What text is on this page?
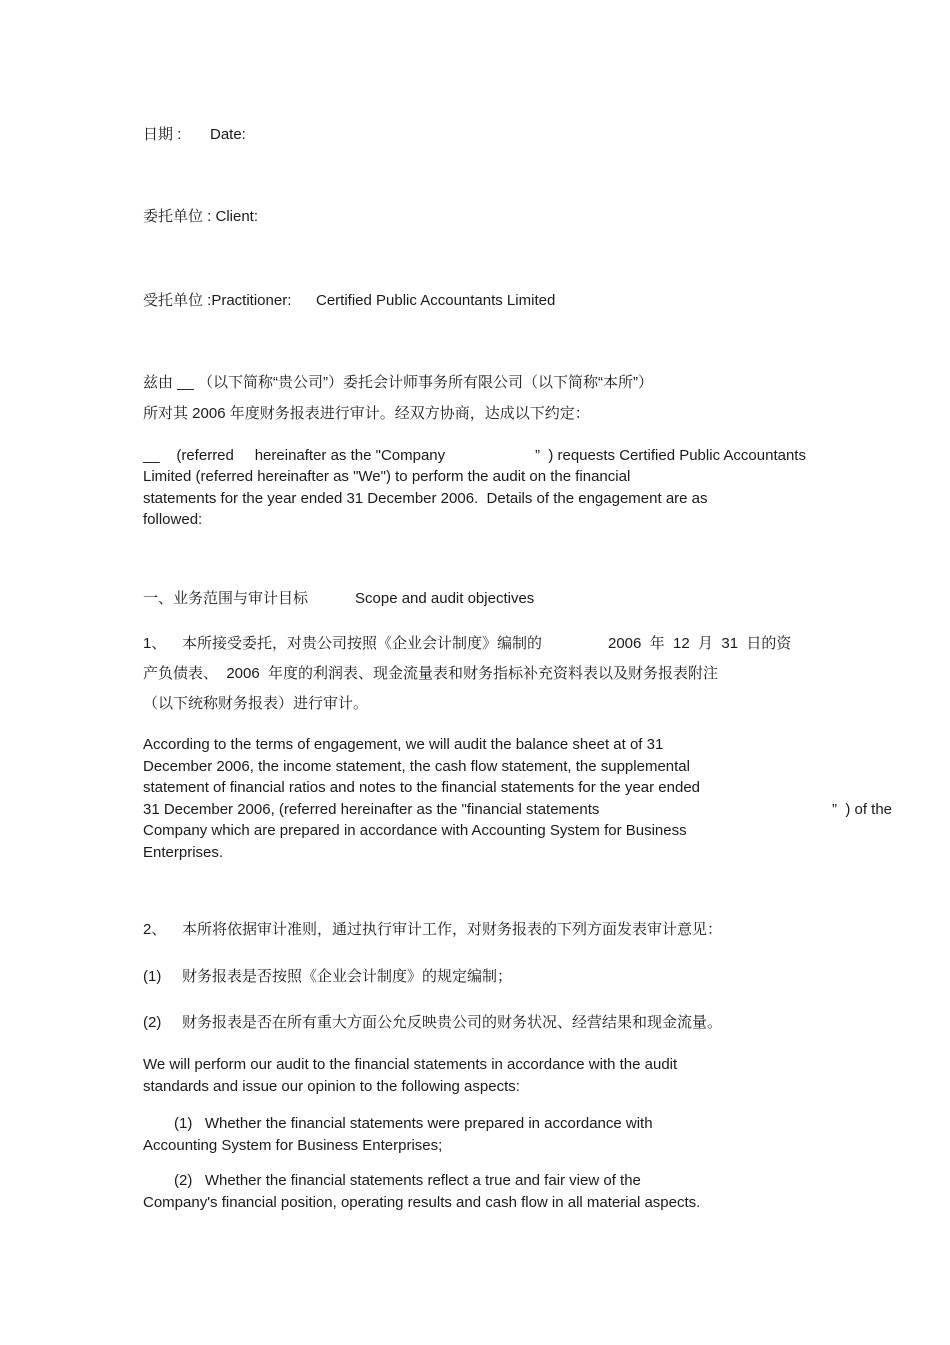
日期 : Date:
委托单位 : Client:
受托单位 :Practitioner: Certified Public Accountants Limited
兹由 __ （以下简称“贵公司”）委托会计师事务所有限公司（以下简称“本所”）
所对其 2006 年度财务报表进行审计。经双方协商，达成以下约定：
__    (referred     hereinafter as the "Company	”  ) requests Certified Public Accountants
Limited (referred hereinafter as "We") to perform the audit on the financial
statements for the year ended 31 December 2006.  Details of the engagement are as
followed:
一、业务范围与审计目标	Scope and audit objectives
1、 本所接受委托，对贵公司按照《企业会计制度》编制的	2006  年  12  月  31  日的资
产负债表、  2006  年度的利润表、现金流量表和财务指标补充资料表以及财务报表附注
（以下统称财务报表）进行审计。
According to the terms of engagement, we will audit the balance sheet at of 31
December 2006, the income statement, the cash flow statement, the supplemental
statement of financial ratios and notes to the financial statements for the year ended
31 December 2006, (referred hereinafter as the "financial statements	”  ) of the
Company which are prepared in accordance with Accounting System for Business
Enterprises.
2、 本所将依据审计准则，通过执行审计工作，对财务报表的下列方面发表审计意见：
(1) 财务报表是否按照《企业会计制度》的规定编制；
(2) 财务报表是否在所有重大方面公允反映贵公司的财务状况、经营结果和现金流量。
We will perform our audit to the financial statements in accordance with the audit
standards and issue our opinion to the following aspects:
(1)   Whether the financial statements were prepared in accordance with
Accounting System for Business Enterprises;
(2)   Whether the financial statements reflect a true and fair view of the
Company's financial position, operating results and cash flow in all material aspects.
